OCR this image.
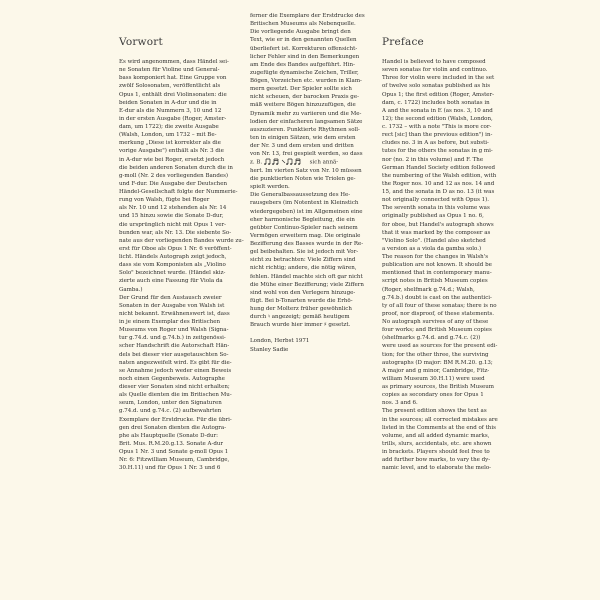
Vorwort	Preface
Es wird angenommen, dass Händel sei-
ne Sonaten für Violine und General-
bass komponiert hat. Eine Gruppe von
zwölf Solosonaten, veröffentlicht als
Opus 1, enthält drei Violinsonaten: die
beiden Sonaten in A-dur und die in
E-dur als die Nummern 3, 10 und 12
in der ersten Ausgabe (Roger, Amster-
dam, um 1722); die zweite Ausgabe
(Walsh, London, um 1732 – mit Be-
merkung „Diese ist korrekter als die
vorige Ausgabe") enthält als Nr. 3 die
in A-dur wie bei Roger, ersetzt jedoch
die beiden anderen Sonaten durch die in
g-moll (Nr. 2 des vorliegenden Bandes)
und F-dur. Die Ausgabe der Deutschen
Händel-Gesellschaft folgte der Nummerie-
rung von Walsh, fügte bei Roger
als Nr. 10 und 12 stehenden als Nr. 14
und 15 hinzu sowie die Sonate D-dur,
die ursprünglich nicht mit Opus 1 ver-
bunden war, als Nr. 13. Die siebente So-
nate aus der vorliegenden Bandes wurde zu-
erst für Oboe als Opus 1 Nr. 6 veröffent-
licht. Händels Autograph zeigt jedoch,
dass sie vom Komponisten als „Violino
Solo" bezeichnet wurde. (Händel skiz-
zierte auch eine Fassung für Viola da
Gamba.)
Der Grund für den Austausch zweier
Sonaten in der Ausgabe von Walsh ist
nicht bekannt. Erwähnenswert ist, dass
in je einem Exemplar des Britischen
Museums von Roger und Walsh (Signa-
tur g.74.d. und g.74.b.) in zeitgenössi-
scher Handschrift die Autorschaft Hän-
dels bei dieser vier ausgetauschten So-
naten angezweifelt wird. Es gibt für die-
se Annahme jedoch weder einen Beweis
noch einen Gegenbeweis. Autographe
dieser vier Sonaten sind nicht erhalten;
als Quelle dienten die im Britischen Mu-
seum, London, unter den Signaturen
g.74.d. und g.74.c. (2) aufbewahrten
Exemplare der Erstdrucke. Für die übri-
gen drei Sonaten dienten die Autogra-
phe als Hauptquelle (Sonate D-dur:
Brit. Mus. R.M.20.g.13. Sonate A-dur
Opus 1 Nr. 3 und Sonate g-moll Opus 1
Nr. 6: Fitzwilliam Museum, Cambridge,
30.H.11) und für Opus 1 Nr. 3 und 6
ferner die Exemplare der Erstdrucke des
Britischen Museums als Nebenquelle.
Die vorliegende Ausgabe bringt den
Text, wie er in den genannten Quellen
überliefert ist. Korrekturen offensicht-
licher Fehler sind in den Bemerkungen
am Ende des Bandes aufgeführt. Hin-
zugefügte dynamische Zeichen, Triller,
Bögen, Vorzeichen etc. wurden in Klam-
mern gesetzt. Der Spieler sollte sich
nicht scheuen, der barocken Praxis ge-
mäß weitere Bögen hinzuzufügen, die
Dynamik mehr zu variieren und die Me-
lodien der einfacheren langsamen Sätze
auszuzieren. Punktierte Rhythmen soll-
ten in einigen Sätzen, wie dem ersten
der Nr. 3 und dem ersten und dritten
von Nr. 13, frei gespielt werden, so dass
z. B.	sich annä-
hert. Im vierten Satz von Nr. 10 müssen
die punktierten Noten wie Triolen ge-
spielt werden.
Die Generalbassaussetzung des He-
rausgebers (im Notentext in Kleinstich
wiedergegeben) ist im Allgemeinen eine
eher harmonische Begleitung, die ein
geübter Continuo-Spieler nach seinem
Vermögen erweitern mag. Die originale
Bezifferung des Basses wurde in der Re-
gel beibehalten. Sie ist jedoch mit Vor-
sicht zu betrachten: Viele Ziffern sind
nicht richtig; andere, die nötig wären,
fehlen. Händel machte sich oft gar nicht
die Mühe einer Bezifferung; viele Ziffern
sind wohl von den Verlegern hinzuge-
fügt. Bei b-Tonarten wurde die Erhö-
hung der Molterz früher gewöhnlich
durch ♮ angezeigt; gemäß heutigem
Brauch wurde hier immer ♯ gesetzt.
London, Herbst 1971
Stanley Sadie
Handel is believed to have composed
seven sonatas for violin and continuo.
Three for violin were included in the set
of twelve solo sonatas published as his
Opus 1; the first edition (Roger, Amster-
dam, c. 1722) includes both sonatas in
A and the sonata in E (as nos. 3, 10 and
12); the second edition (Walsh, London,
c. 1732 – with a note "This is more cor-
rect [sic] than the previous edition") in-
cludes no. 3 in A as before, but substi-
tutes for the others the sonatas in g mi-
nor (no. 2 in this volume) and F. The
German Handel Society edition followed
the numbering of the Walsh edition, with
the Roger nos. 10 and 12 as nos. 14 and
15, and the sonata in D as no. 13 (it was
not originally connected with Opus 1).
The seventh sonata in this volume was
originally published as Opus 1 no. 6,
for oboe, but Handel's autograph shows
that it was marked by the composer as
"Violino Solo". (Handel also sketched
a version as a viola da gamba solo.)
The reason for the changes in Walsh's
publication are not known. It should be
mentioned that in contemporary manu-
script notes in British Museum copies
(Roger, shelfmark g.74.d.; Walsh,
g.74.b.) doubt is cast on the authentici-
ty of all four of these sonatas; there is no
proof, nor disproof, of these statements.
No autograph survives of any of these
four works; and British Museum copies
(shelfmarks g.74.d. and g.74.c. (2))
were used as sources for the present edi-
tion; for the other three, the surviving
autographs (D major: BM R.M.20. g.13;
A major and g minor, Cambridge, Fitz-
william Museum 30.H.11) were used
as primary sources, the British Museum
copies as secondary ones for Opus 1
nos. 3 and 6.
The present edition shows the text as
in the sources; all corrected mistakes are
listed in the Comments at the end of this
volume, and all added dynamic marks,
trills, slurs, accidentals, etc. are shown
in brackets. Players should feel free to
add further bow marks, to vary the dy-
namic level, and to elaborate the melo-
